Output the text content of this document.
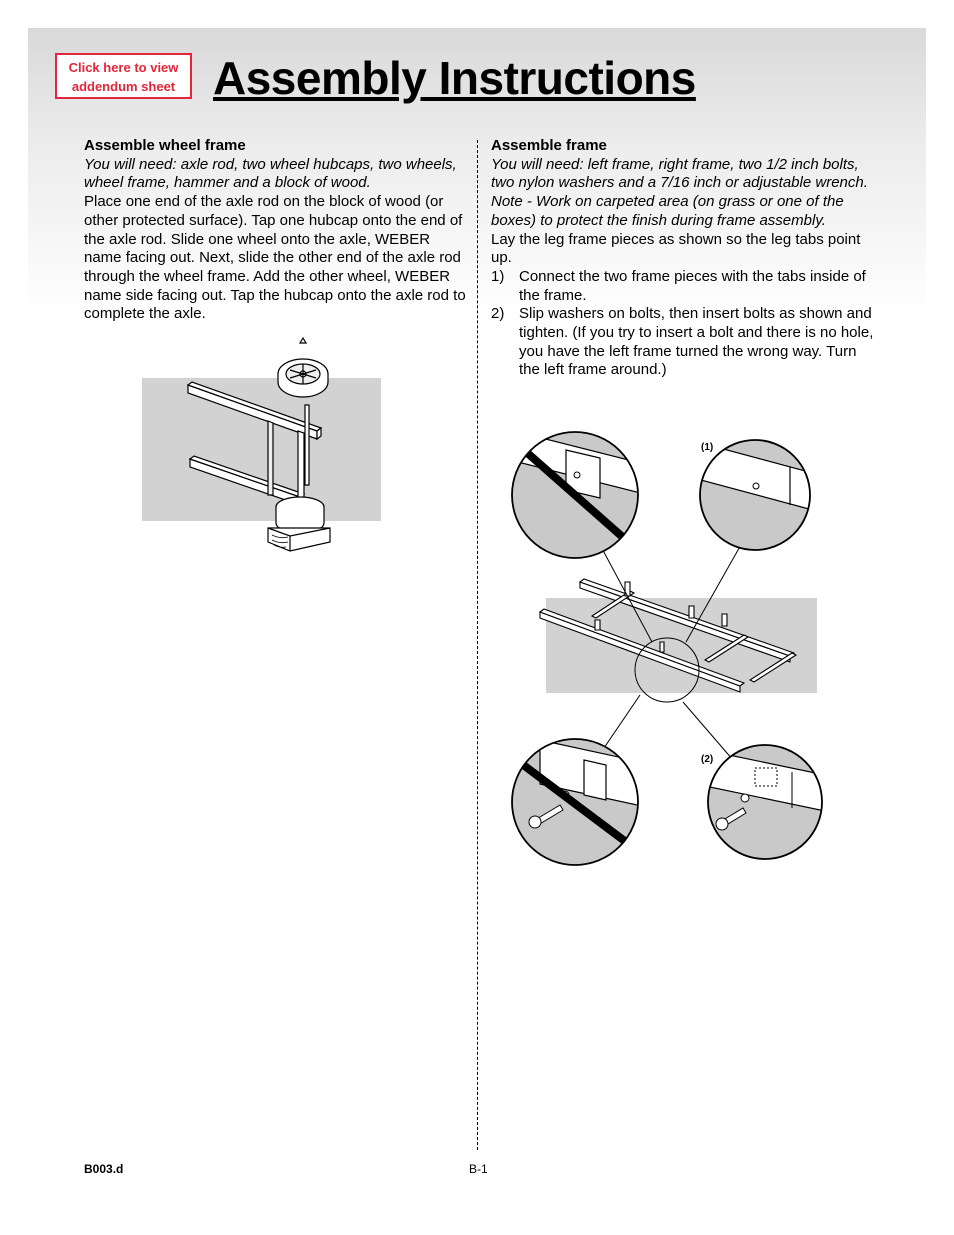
Click here to view
addendum sheet Assembly Instructions
Assemble wheel frame

You will need: axle rod, two wheel hubcaps, two wheels, wheel frame, hammer and a block of wood.

Place one end of the axle rod on the block of wood (or other protected surface). Tap one hubcap onto the end of the axle rod. Slide one wheel onto the axle, WEBER name facing out. Next, slide the other end of the axle rod through the wheel frame. Add the other wheel, WEBER name side facing out. Tap the hubcap onto the axle rod to complete the axle.

Assemble frame

You will need: left frame, right frame, two 1/2 inch bolts, two nylon washers and a 7/16 inch or adjustable wrench.

Note - Work on carpeted area (on grass or one of the boxes) to protect the finish during frame assembly.

Lay the leg frame pieces as shown so the leg tabs point up.

1) Connect the two frame pieces with the tabs inside of the frame.
2) Slip washers on bolts, then insert bolts as shown and tighten. (If you try to insert a bolt and there is no hole, you have the left frame turned the wrong way. Turn the left frame around.)
(1)
(2)
B003.d	B-1
